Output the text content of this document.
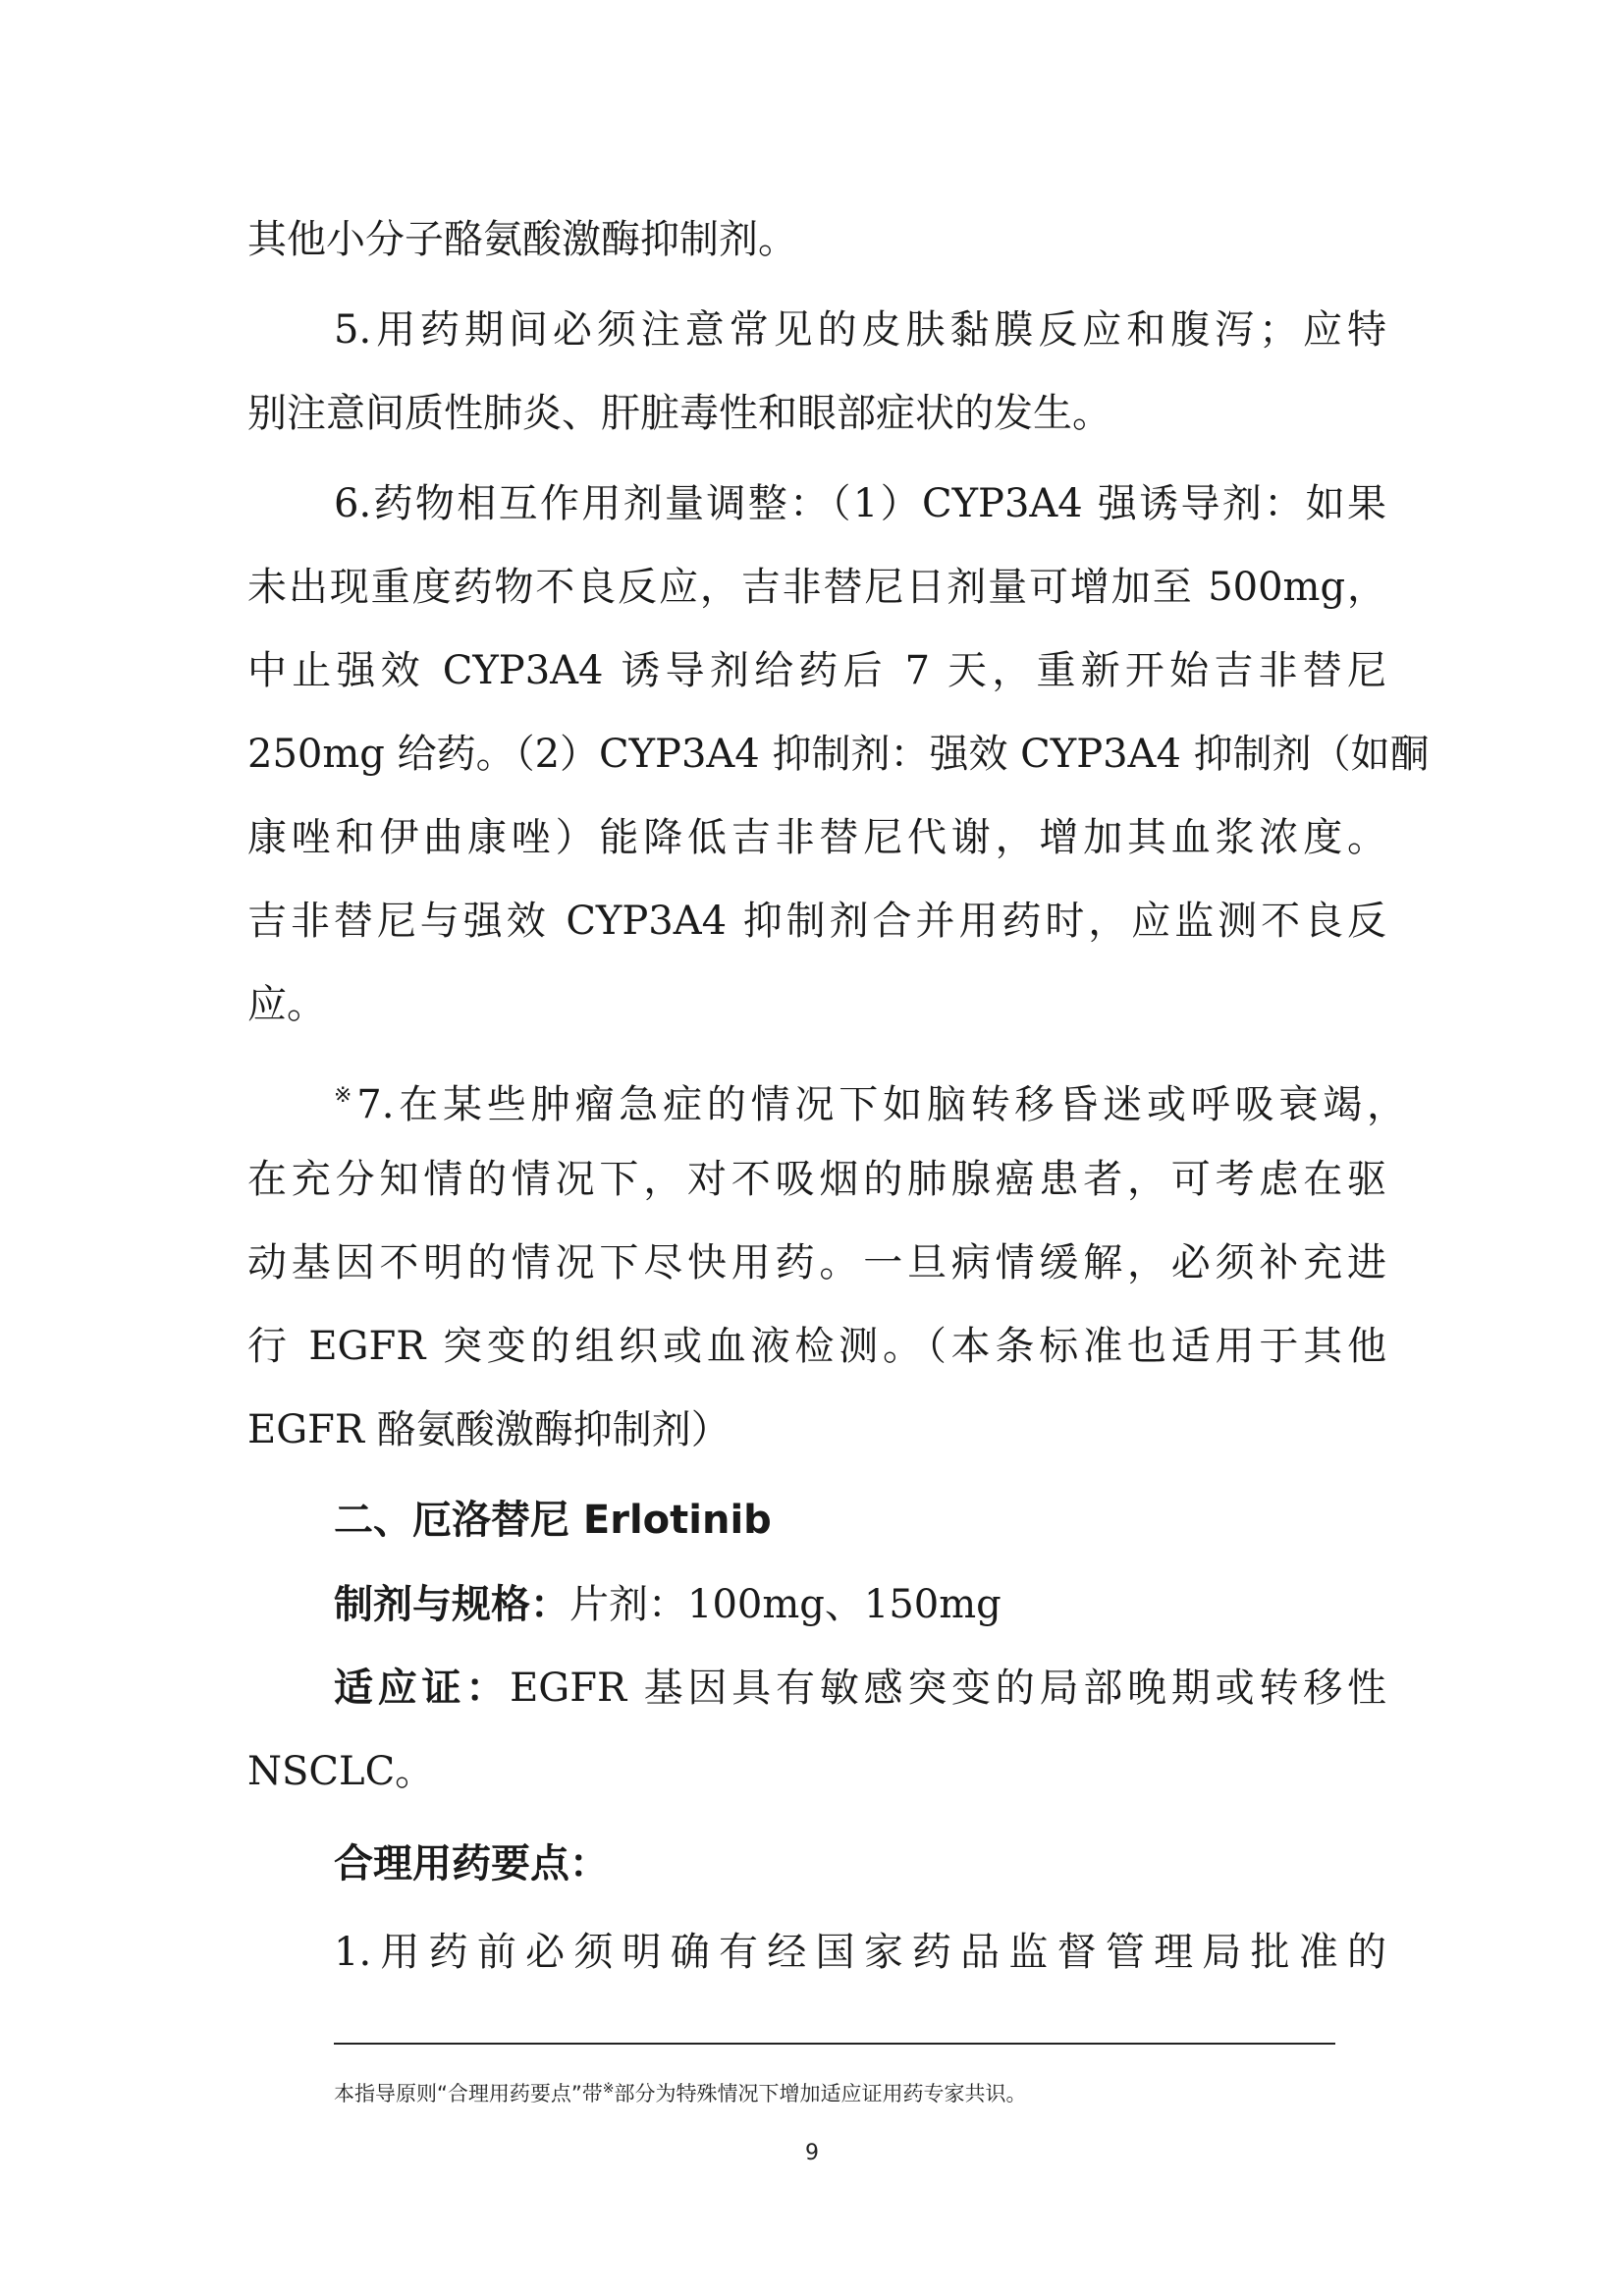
其他小分子酪氨酸激酶抑制剂。
5.用药期间必须注意常见的皮肤黏膜反应和腹泻；应特
别注意间质性肺炎、肝脏毒性和眼部症状的发生。
6.药物相互作用剂量调整：（1）CYP3A4 强诱导剂：如果
未出现重度药物不良反应，吉非替尼日剂量可增加至 500mg，
中止强效 CYP3A4 诱导剂给药后 7 天，重新开始吉非替尼
250mg 给药。（2）CYP3A4 抑制剂：强效 CYP3A4 抑制剂（如酮
康唑和伊曲康唑）能降低吉非替尼代谢，增加其血浆浓度。
吉非替尼与强效 CYP3A4 抑制剂合并用药时，应监测不良反
应。
※7.在某些肿瘤急症的情况下如脑转移昏迷或呼吸衰竭，
在充分知情的情况下，对不吸烟的肺腺癌患者，可考虑在驱
动基因不明的情况下尽快用药。一旦病情缓解，必须补充进
行 EGFR 突变的组织或血液检测。（本条标准也适用于其他
EGFR 酪氨酸激酶抑制剂）
二、厄洛替尼 Erlotinib
制剂与规格：片剂：100mg、150mg
适应证：EGFR 基因具有敏感突变的局部晚期或转移性
NSCLC。
合理用药要点：
1.用药前必须明确有经国家药品监督管理局批准的
本指导原则“合理用药要点”带※部分为特殊情况下增加适应证用药专家共识。
9
